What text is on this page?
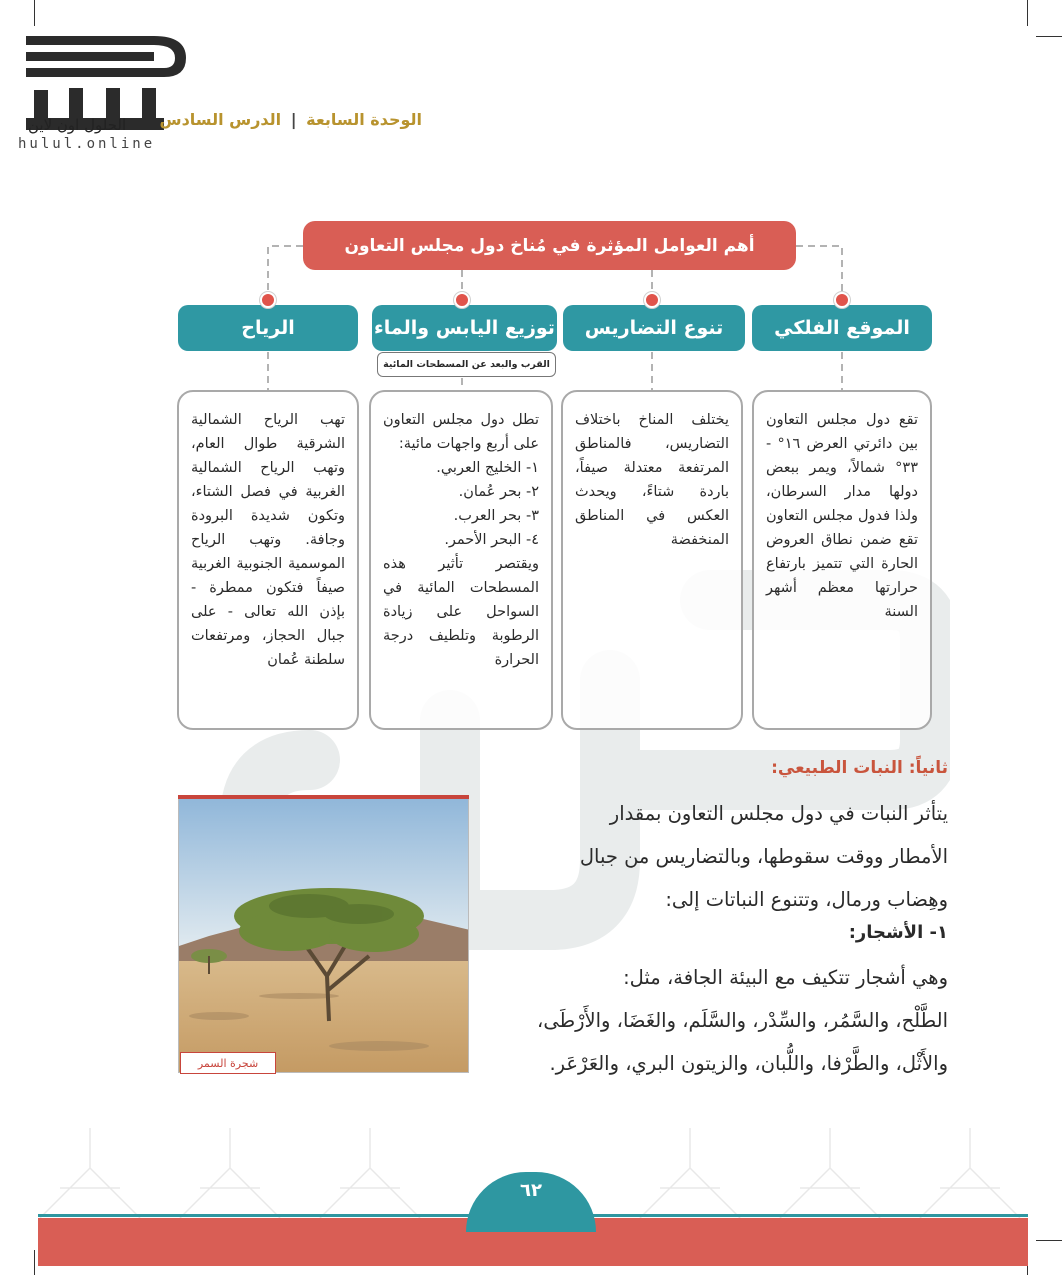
الحلول اون لاين
hulul.online
الوحدة السابعة | الدرس السادس
أهم العوامل المؤثرة في مُناخ دول مجلس التعاون
الموقع الفلكي
تنوع التضاريس
توزيع اليابس والماء
الرياح
القرب والبعد عن المسطحات المائية

تقع دول مجلس التعاون بين دائرتي العرض ١٦° - ٣٣° شمالاً، ويمر ببعض دولها مدار السرطان، ولذا فدول مجلس التعاون تقع ضمن نطاق العروض الحارة التي تتميز بارتفاع حرارتها معظم أشهر السنة

يختلف المناخ باختلاف التضاريس، فالمناطق المرتفعة معتدلة صيفاً، باردة شتاءً، ويحدث العكس في المناطق المنخفضة

تطل دول مجلس التعاون على أربع واجهات مائية:

١- الخليج العربي.
٢- بحر عُمان.
٣- بحر العرب.
٤- البحر الأحمر.

ويقتصر تأثير هذه المسطحات المائية في السواحل على زيادة الرطوبة وتلطيف درجة الحرارة

تهب الرياح الشمالية الشرقية طوال العام، وتهب الرياح الشمالية الغربية في فصل الشتاء، وتكون شديدة البرودة وجافة. وتهب الرياح الموسمية الجنوبية الغربية صيفاً فتكون ممطرة - بإذن الله تعالى - على جبال الحجاز، ومرتفعات سلطنة عُمان

ثانياً: النبات الطبيعي:
يتأثر النبات في دول مجلس التعاون بمقدار
الأمطار ووقت سقوطها، وبالتضاريس من جبال
وهِضاب ورمال، وتتنوع النباتات إلى:
١- الأشجار:
وهي أشجار تتكيف مع البيئة الجافة، مثل:
الطَّلْح، والسَّمُر، والسِّدْر، والسَّلَم، والغَضَا، والأَرْطَى،
والأَثْل، والطَّرْفا، واللُّبان، والزيتون البري، والعَرْعَر.
شجرة السمر
٦٢
